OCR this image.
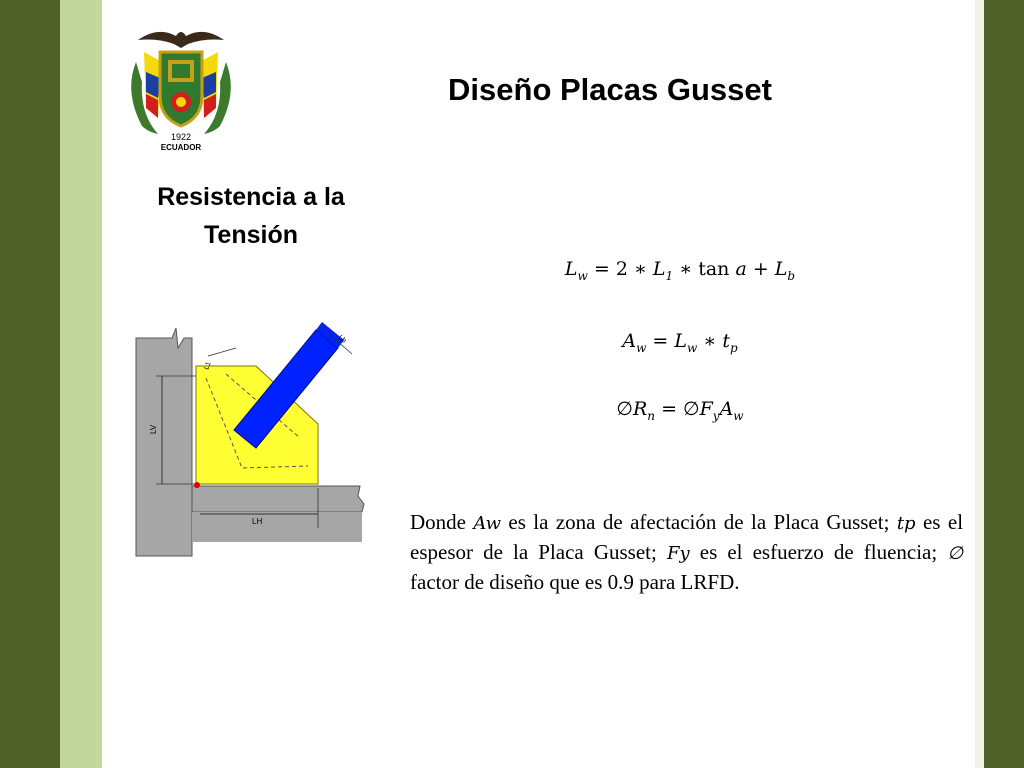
1922
ECUADOR
Diseño Placas Gusset
Resistencia a la
Tensión
LV
LH
L1
Lb
$L_w = 2$ ∗ $L_1$ ∗ $\tan a + L_b$
$A_w = L_w$ ∗ $t_p$
$\emptyset R_n$ = $\emptyset F_yA_w$
Donde Aw es la zona de afectación de la Placa Gusset; tp es el espesor de la Placa Gusset; Fy es el esfuerzo de fluencia; ∅ factor de diseño que es 0.9 para LRFD.
